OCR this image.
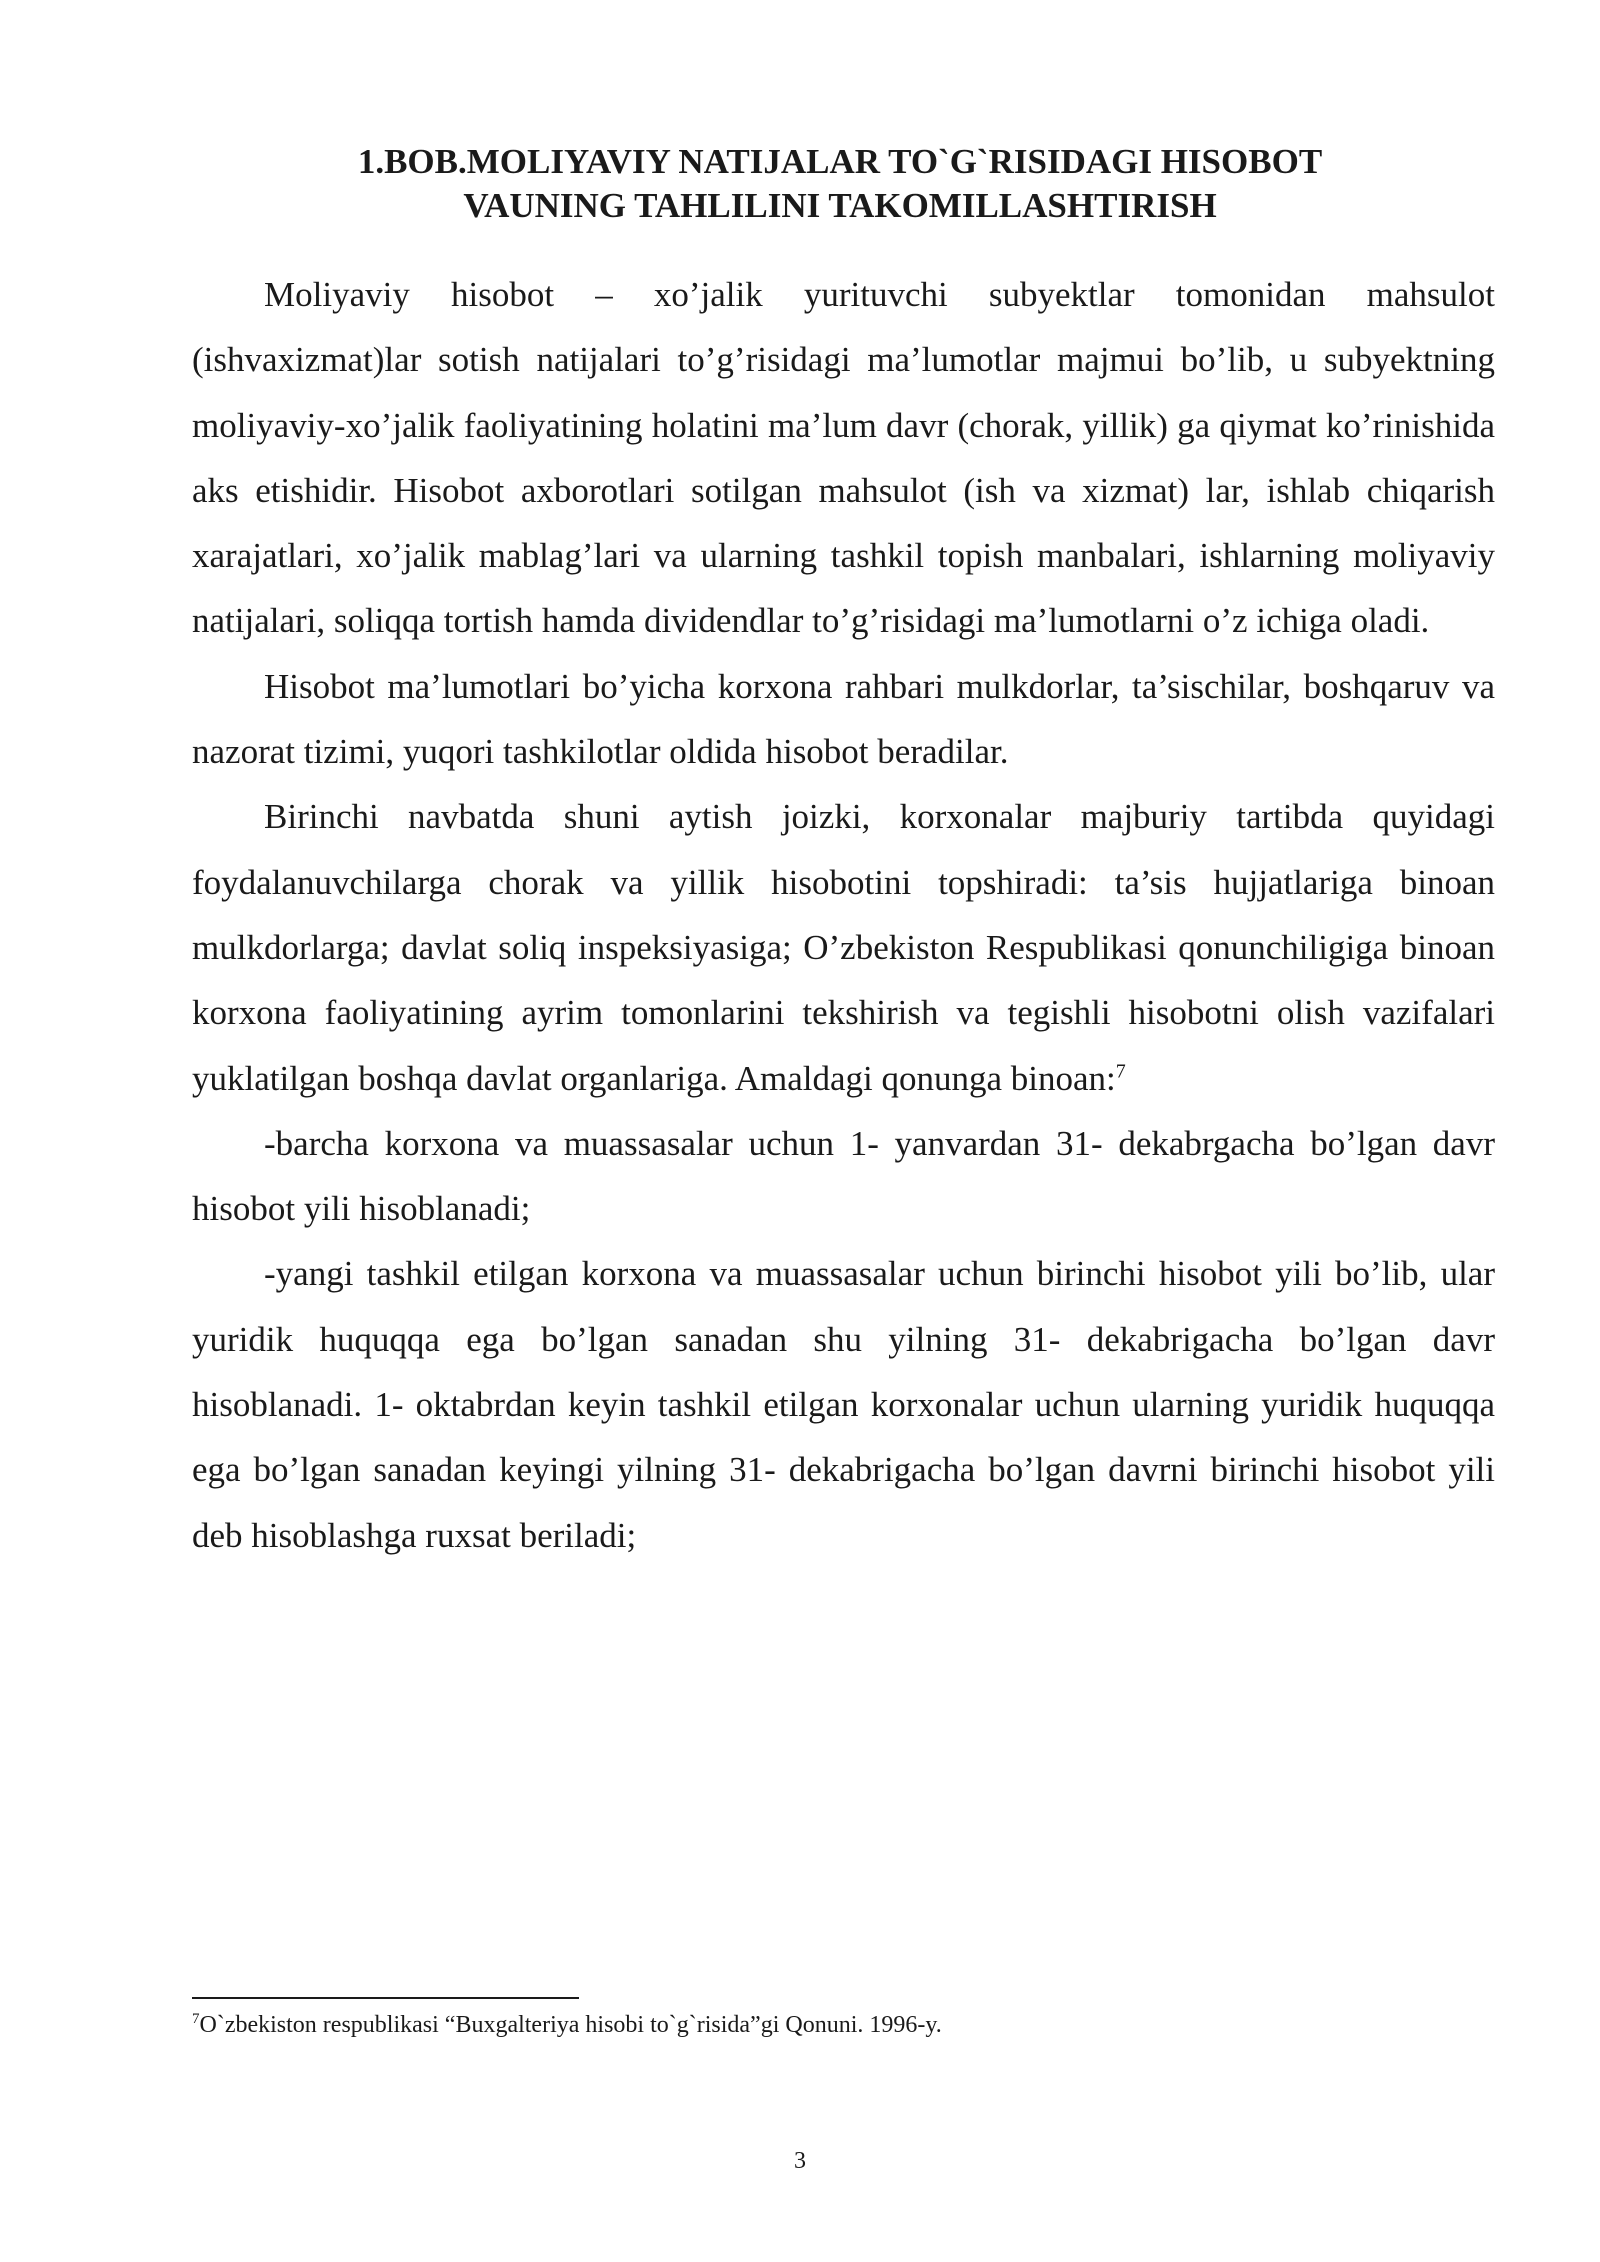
1.BOB.MOLIYAVIY NATIJALAR TO`G`RISIDAGI HISOBOT
VAUNING TAHLILINI TAKOMILLASHTIRISH

Moliyaviy hisobot – xo’jalik yurituvchi subyektlar tomonidan mahsulot (ishvaxizmat)lar sotish natijalari to’g’risidagi ma’lumotlar majmui bo’lib, u subyektning moliyaviy-xo’jalik faoliyatining holatini ma’lum davr (chorak, yillik) ga qiymat ko’rinishida aks etishidir. Hisobot axborotlari sotilgan mahsulot (ish va xizmat) lar, ishlab chiqarish xarajatlari, xo’jalik mablag’lari va ularning tashkil topish manbalari, ishlarning moliyaviy natijalari, soliqqa tortish hamda dividendlar to’g’risidagi ma’lumotlarni o’z ichiga oladi.

Hisobot ma’lumotlari bo’yicha korxona rahbari mulkdorlar, ta’sischilar, boshqaruv va nazorat tizimi, yuqori tashkilotlar oldida hisobot beradilar.

Birinchi navbatda shuni aytish joizki, korxonalar majburiy tartibda quyidagi foydalanuvchilarga chorak va yillik hisobotini topshiradi: ta’sis hujjatlariga binoan mulkdorlarga; davlat soliq inspeksiyasiga; O’zbekiston Respublikasi qonunchiligiga binoan korxona faoliyatining ayrim tomonlarini tekshirish va tegishli hisobotni olish vazifalari yuklatilgan boshqa davlat organlariga. Amaldagi qonunga binoan:$^7$

-barcha korxona va muassasalar uchun 1- yanvardan 31- dekabrgacha bo’lgan davr hisobot yili hisoblanadi;

-yangi tashkil etilgan korxona va muassasalar uchun birinchi hisobot yili bo’lib, ular yuridik huquqqa ega bo’lgan sanadan shu yilning 31- dekabrigacha bo’lgan davr hisoblanadi. 1- oktabrdan keyin tashkil etilgan korxonalar uchun ularning yuridik huquqqa ega bo’lgan sanadan keyingi yilning 31- dekabrigacha bo’lgan davrni birinchi hisobot yili deb hisoblashga ruxsat beriladi;

$^7$O`zbekiston respublikasi “Buxgalteriya hisobi to`g`risida”gi Qonuni. 1996-y.
3
